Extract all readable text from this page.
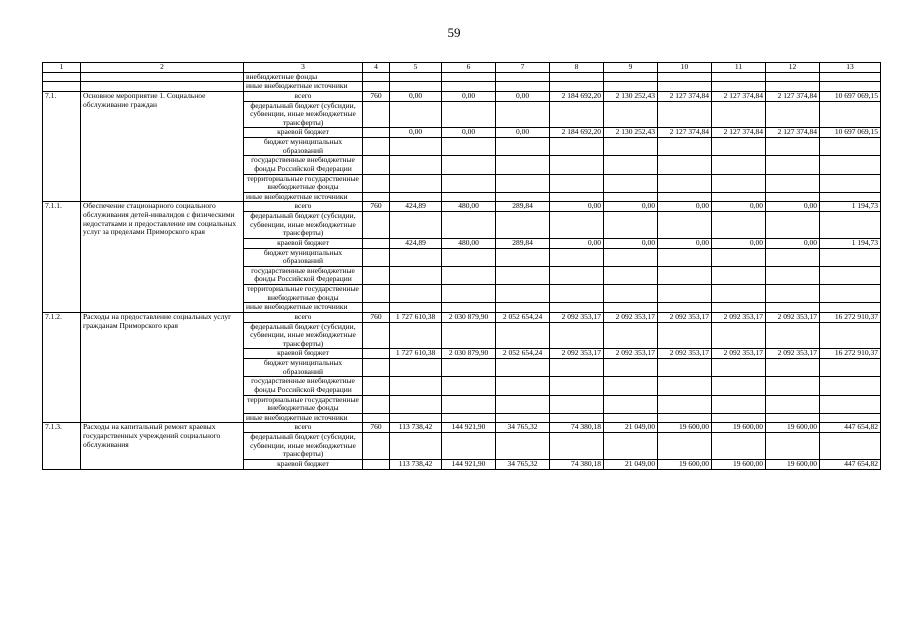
59
1	2	3	4	5	6	7	8	9	10	11	12	13
		внебюджетные фонды										
		иные внебюджетные источники										
7.1.	Основное мероприятие 1. Социальное обслуживание граждан	всего	760	0,00	0,00	0,00	2 184 692,20	2 130 252,43	2 127 374,84	2 127 374,84	2 127 374,84	10 697 069,15
		федеральный бюджет (субсидии, субвенции, иные межбюджетные трансферты)										
		краевой бюджет		0,00	0,00	0,00	2 184 692,20	2 130 252,43	2 127 374,84	2 127 374,84	2 127 374,84	10 697 069,15
		бюджет муниципальных образований										
		государственные внебюджетные фонды Российской Федерации										
		территориальные государственные внебюджетные фонды										
		иные внебюджетные источники										
7.1.1.	Обеспечение стационарного социального обслуживания детей-инвалидов с физическими недостатками и предоставление им социальных услуг за пределами Приморского края	всего	760	424,89	480,00	289,84	0,00	0,00	0,00	0,00	0,00	1 194,73
		федеральный бюджет (субсидии, субвенции, иные межбюджетные трансферты)										
		краевой бюджет		424,89	480,00	289,84	0,00	0,00	0,00	0,00	0,00	1 194,73
		бюджет муниципальных образований										
		государственные внебюджетные фонды Российской Федерации										
		территориальные государственные внебюджетные фонды										
		иные внебюджетные источники										
7.1.2.	Расходы на предоставление социальных услуг гражданам Приморского края	всего	760	1 727 610,38	2 030 879,90	2 052 654,24	2 092 353,17	2 092 353,17	2 092 353,17	2 092 353,17	2 092 353,17	16 272 910,37
		федеральный бюджет (субсидии, субвенции, иные межбюджетные трансферты)										
		краевой бюджет		1 727 610,38	2 030 879,90	2 052 654,24	2 092 353,17	2 092 353,17	2 092 353,17	2 092 353,17	2 092 353,17	16 272 910,37
		бюджет муниципальных образований										
		государственные внебюджетные фонды Российской Федерации										
		территориальные государственные внебюджетные фонды										
		иные внебюджетные источники										
7.1.3.	Расходы на капитальный ремонт краевых государственных учреждений социального обслуживания	всего	760	113 738,42	144 921,90	34 765,32	74 380,18	21 049,00	19 600,00	19 600,00	19 600,00	447 654,82
		федеральный бюджет (субсидии, субвенции, иные межбюджетные трансферты)										
		краевой бюджет		113 738,42	144 921,90	34 765,32	74 380,18	21 049,00	19 600,00	19 600,00	19 600,00	447 654,82
